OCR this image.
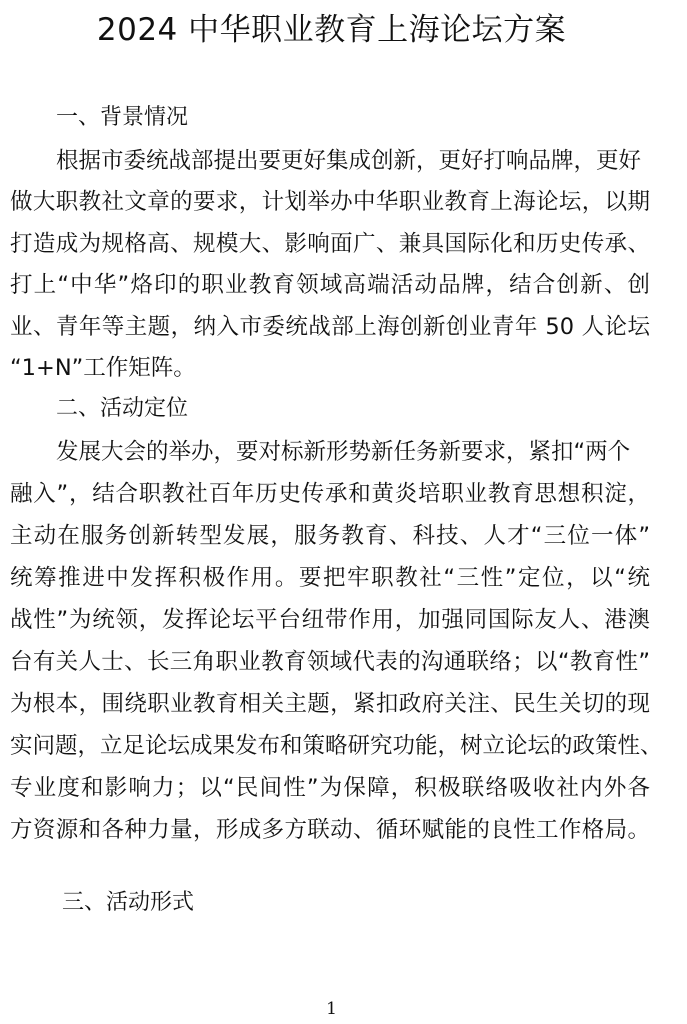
2024 中华职业教育上海论坛方案
一、背景情况
根据市委统战部提出要更好集成创新，更好打响品牌，更好
做大职教社文章的要求，计划举办中华职业教育上海论坛，以期
打造成为规格高、规模大、影响面广、兼具国际化和历史传承、
打上“中华”烙印的职业教育领域高端活动品牌，结合创新、创
业、青年等主题，纳入市委统战部上海创新创业青年 50 人论坛
“1+N”工作矩阵。
二、活动定位
发展大会的举办，要对标新形势新任务新要求，紧扣“两个
融入”，结合职教社百年历史传承和黄炎培职业教育思想积淀，
主动在服务创新转型发展，服务教育、科技、人才“三位一体”
统筹推进中发挥积极作用。要把牢职教社“三性”定位，以“统
战性”为统领，发挥论坛平台纽带作用，加强同国际友人、港澳
台有关人士、长三角职业教育领域代表的沟通联络；以“教育性”
为根本，围绕职业教育相关主题，紧扣政府关注、民生关切的现
实问题，立足论坛成果发布和策略研究功能，树立论坛的政策性、
专业度和影响力；以“民间性”为保障，积极联络吸收社内外各
方资源和各种力量，形成多方联动、循环赋能的良性工作格局。
三、活动形式
1
